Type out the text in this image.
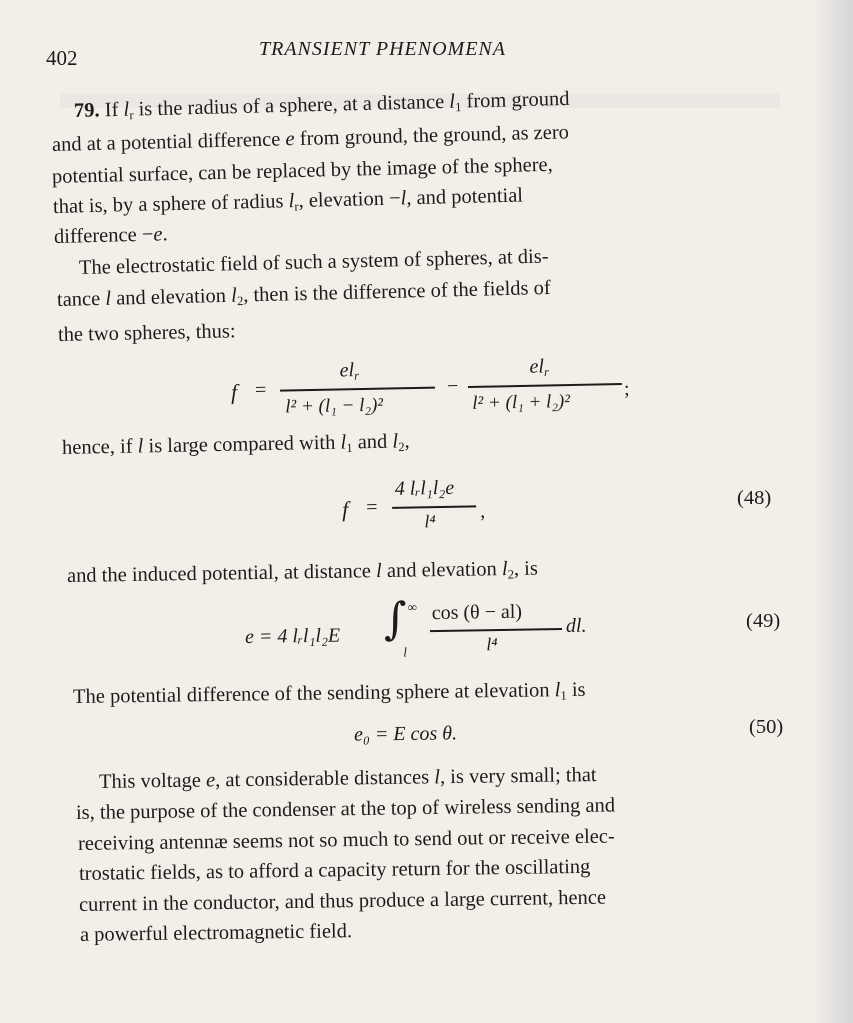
402	TRANSIENT PHENOMENA
79. If $l_r$ is the radius of a sphere, at a distance $l_1$ from ground
and at a potential difference e from ground, the ground, as zero
potential surface, can be replaced by the image of the sphere,
that is, by a sphere of radius $l_r$, elevation −l, and potential
difference −e.
The electrostatic field of such a system of spheres, at dis-
tance l and elevation $l_2$, then is the difference of the fields of
the two spheres, thus:
f =
$el_r$
l² + (l₁ − l₂)²
−
$el_r$
l² + (l₁ + l₂)²
;
hence, if l is large compared with $l_1$ and $l_2$,
f =
4 lᵣl₁l₂e
l⁴ ,
(48)
and the induced potential, at distance l and elevation $l_2$, is
e = 4 lᵣl₁l₂E ∫ ∞
l
cos (θ − al)
l⁴
dl.	(49)
The potential difference of the sending sphere at elevation $l_1$ is
e₀ = E cos θ.	(50)
This voltage e, at considerable distances l, is very small; that
is, the purpose of the condenser at the top of wireless sending and
receiving antennæ seems not so much to send out or receive elec-
trostatic fields, as to afford a capacity return for the oscillating
current in the conductor, and thus produce a large current, hence
a powerful electromagnetic field.
